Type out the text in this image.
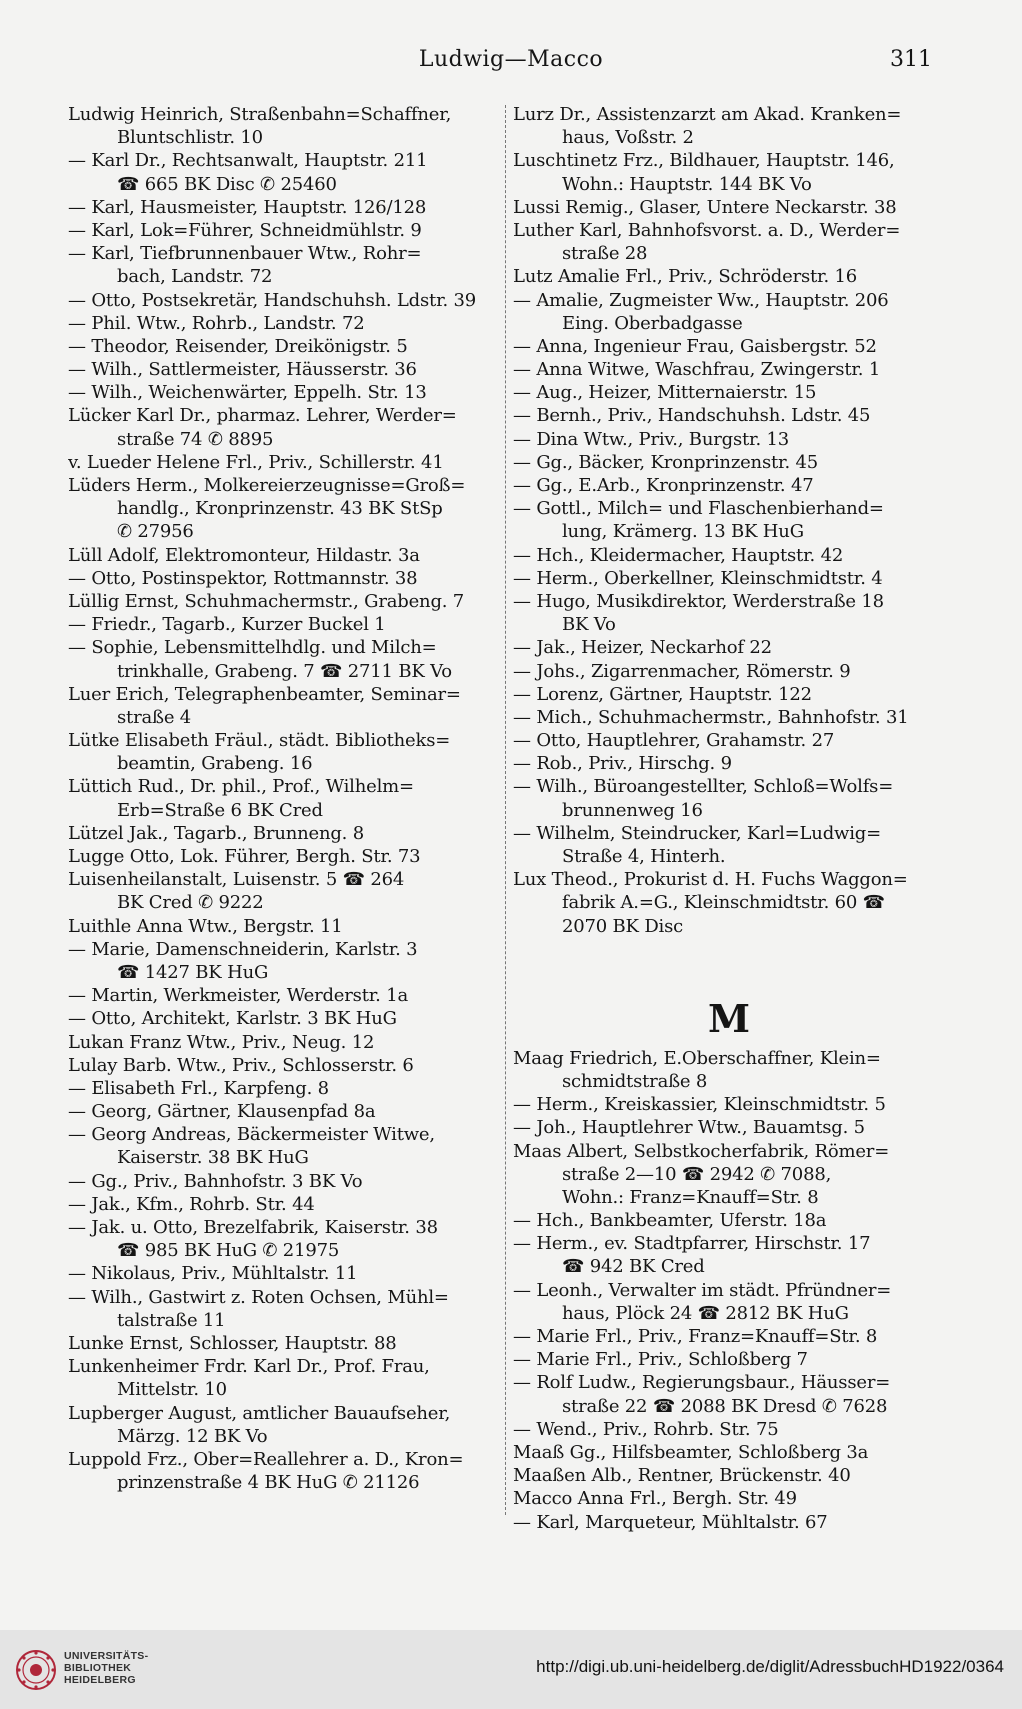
Ludwig—Macco	311
Ludwig Heinrich, Straßenbahn=Schaffner,
Bluntschlistr. 10
— Karl Dr., Rechtsanwalt, Hauptstr. 211
☎ 665 BK Disc ✆ 25460
— Karl, Hausmeister, Hauptstr. 126/128
— Karl, Lok=Führer, Schneidmühlstr. 9
— Karl, Tiefbrunnenbauer Wtw., Rohr=
bach, Landstr. 72
— Otto, Postsekretär, Handschuhsh. Ldstr. 39
— Phil. Wtw., Rohrb., Landstr. 72
— Theodor, Reisender, Dreikönigstr. 5
— Wilh., Sattlermeister, Häusserstr. 36
— Wilh., Weichenwärter, Eppelh. Str. 13
Lücker Karl Dr., pharmaz. Lehrer, Werder=
straße 74 ✆ 8895
v. Lueder Helene Frl., Priv., Schillerstr. 41
Lüders Herm., Molkereierzeugnisse=Groß=
handlg., Kronprinzenstr. 43 BK StSp
✆ 27956
Lüll Adolf, Elektromonteur, Hildastr. 3a
— Otto, Postinspektor, Rottmannstr. 38
Lüllig Ernst, Schuhmachermstr., Grabeng. 7
— Friedr., Tagarb., Kurzer Buckel 1
— Sophie, Lebensmittelhdlg. und Milch=
trinkhalle, Grabeng. 7 ☎ 2711 BK Vo
Luer Erich, Telegraphenbeamter, Seminar=
straße 4
Lütke Elisabeth Fräul., städt. Bibliotheks=
beamtin, Grabeng. 16
Lüttich Rud., Dr. phil., Prof., Wilhelm=
Erb=Straße 6 BK Cred
Lützel Jak., Tagarb., Brunneng. 8
Lugge Otto, Lok. Führer, Bergh. Str. 73
Luisenheilanstalt, Luisenstr. 5 ☎ 264
BK Cred ✆ 9222
Luithle Anna Wtw., Bergstr. 11
— Marie, Damenschneiderin, Karlstr. 3
☎ 1427 BK HuG
— Martin, Werkmeister, Werderstr. 1a
— Otto, Architekt, Karlstr. 3 BK HuG
Lukan Franz Wtw., Priv., Neug. 12
Lulay Barb. Wtw., Priv., Schlosserstr. 6
— Elisabeth Frl., Karpfeng. 8
— Georg, Gärtner, Klausenpfad 8a
— Georg Andreas, Bäckermeister Witwe,
Kaiserstr. 38 BK HuG
— Gg., Priv., Bahnhofstr. 3 BK Vo
— Jak., Kfm., Rohrb. Str. 44
— Jak. u. Otto, Brezelfabrik, Kaiserstr. 38
☎ 985 BK HuG ✆ 21975
— Nikolaus, Priv., Mühltalstr. 11
— Wilh., Gastwirt z. Roten Ochsen, Mühl=
talstraße 11
Lunke Ernst, Schlosser, Hauptstr. 88
Lunkenheimer Frdr. Karl Dr., Prof. Frau,
Mittelstr. 10
Lupberger August, amtlicher Bauaufseher,
Märzg. 12 BK Vo
Luppold Frz., Ober=Reallehrer a. D., Kron=
prinzenstraße 4 BK HuG ✆ 21126
Lurz Dr., Assistenzarzt am Akad. Kranken=
haus, Voßstr. 2
Luschtinetz Frz., Bildhauer, Hauptstr. 146,
Wohn.: Hauptstr. 144 BK Vo
Lussi Remig., Glaser, Untere Neckarstr. 38
Luther Karl, Bahnhofsvorst. a. D., Werder=
straße 28
Lutz Amalie Frl., Priv., Schröderstr. 16
— Amalie, Zugmeister Ww., Hauptstr. 206
Eing. Oberbadgasse
— Anna, Ingenieur Frau, Gaisbergstr. 52
— Anna Witwe, Waschfrau, Zwingerstr. 1
— Aug., Heizer, Mitternaierstr. 15
— Bernh., Priv., Handschuhsh. Ldstr. 45
— Dina Wtw., Priv., Burgstr. 13
— Gg., Bäcker, Kronprinzenstr. 45
— Gg., E.Arb., Kronprinzenstr. 47
— Gottl., Milch= und Flaschenbierhand=
lung, Krämerg. 13 BK HuG
— Hch., Kleidermacher, Hauptstr. 42
— Herm., Oberkellner, Kleinschmidtstr. 4
— Hugo, Musikdirektor, Werderstraße 18
BK Vo
— Jak., Heizer, Neckarhof 22
— Johs., Zigarrenmacher, Römerstr. 9
— Lorenz, Gärtner, Hauptstr. 122
— Mich., Schuhmachermstr., Bahnhofstr. 31
— Otto, Hauptlehrer, Grahamstr. 27
— Rob., Priv., Hirschg. 9
— Wilh., Büroangestellter, Schloß=Wolfs=
brunnenweg 16
— Wilhelm, Steindrucker, Karl=Ludwig=
Straße 4, Hinterh.
Lux Theod., Prokurist d. H. Fuchs Waggon=
fabrik A.=G., Kleinschmidtstr. 60 ☎
2070 BK Disc
M
Maag Friedrich, E.Oberschaffner, Klein=
schmidtstraße 8
— Herm., Kreiskassier, Kleinschmidtstr. 5
— Joh., Hauptlehrer Wtw., Bauamtsg. 5
Maas Albert, Selbstkocherfabrik, Römer=
straße 2—10 ☎ 2942 ✆ 7088,
Wohn.: Franz=Knauff=Str. 8
— Hch., Bankbeamter, Uferstr. 18a
— Herm., ev. Stadtpfarrer, Hirschstr. 17
☎ 942 BK Cred
— Leonh., Verwalter im städt. Pfründner=
haus, Plöck 24 ☎ 2812 BK HuG
— Marie Frl., Priv., Franz=Knauff=Str. 8
— Marie Frl., Priv., Schloßberg 7
— Rolf Ludw., Regierungsbaur., Häusser=
straße 22 ☎ 2088 BK Dresd ✆ 7628
— Wend., Priv., Rohrb. Str. 75
Maaß Gg., Hilfsbeamter, Schloßberg 3a
Maaßen Alb., Rentner, Brückenstr. 40
Macco Anna Frl., Bergh. Str. 49
— Karl, Marqueteur, Mühltalstr. 67
UNIVERSITÄTS-
BIBLIOTHEK
HEIDELBERG
http://digi.ub.uni-heidelberg.de/diglit/AdressbuchHD1922/0364
